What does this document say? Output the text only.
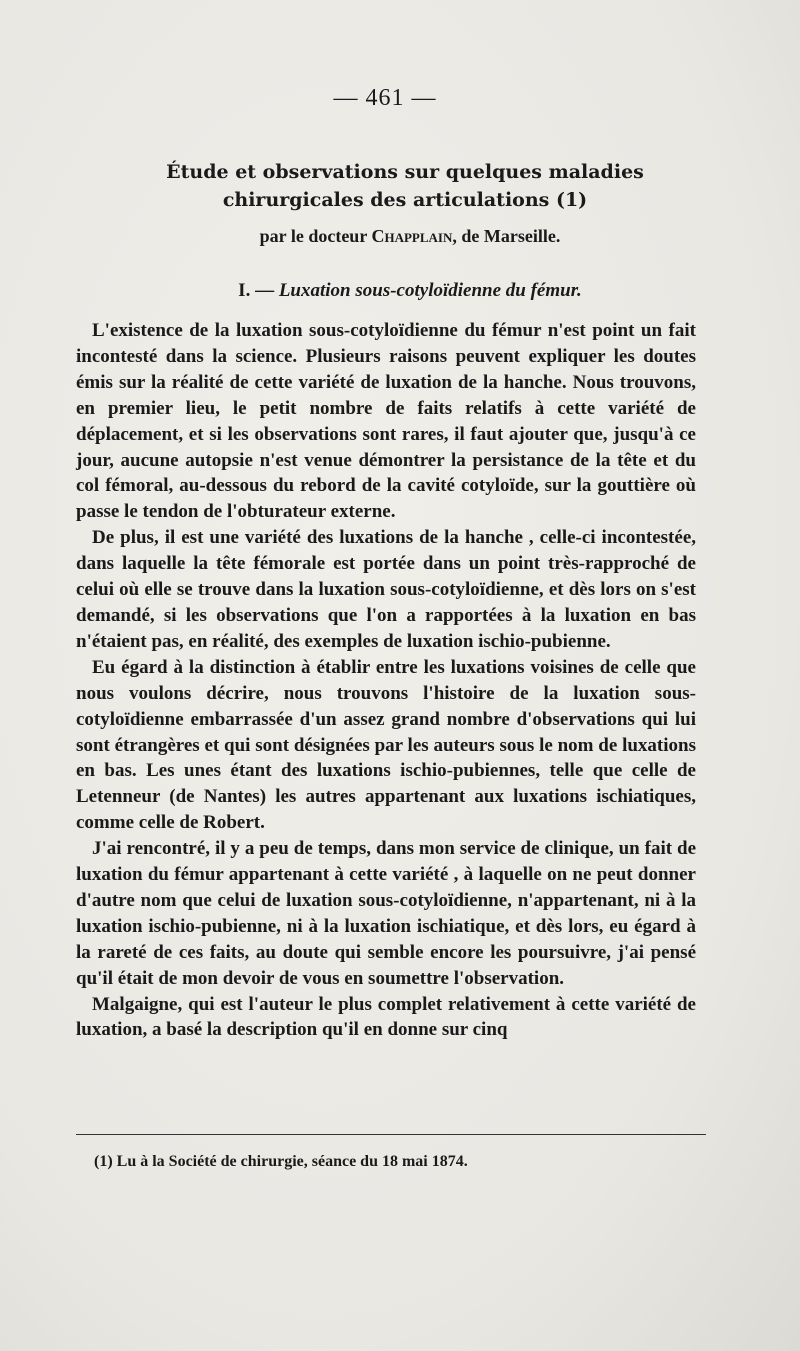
— 461 —
Étude et observations sur quelques maladies
chirurgicales des articulations (1)
par le docteur Chapplain, de Marseille.
I. — Luxation sous-cotyloïdienne du fémur.

L'existence de la luxation sous-cotyloïdienne du fémur n'est point un fait incontesté dans la science. Plusieurs raisons peuvent expliquer les doutes émis sur la réalité de cette variété de luxation de la hanche. Nous trouvons, en premier lieu, le petit nombre de faits relatifs à cette variété de déplacement, et si les observations sont rares, il faut ajouter que, jusqu'à ce jour, aucune autopsie n'est venue démontrer la persistance de la tête et du col fémoral, au-dessous du rebord de la cavité cotyloïde, sur la gouttière où passe le tendon de l'obturateur externe.

De plus, il est une variété des luxations de la hanche , celle-ci incontestée, dans laquelle la tête fémorale est portée dans un point très-rapproché de celui où elle se trouve dans la luxation sous-cotyloïdienne, et dès lors on s'est demandé, si les observations que l'on a rapportées à la luxation en bas n'étaient pas, en réalité, des exemples de luxation ischio-pubienne.

Eu égard à la distinction à établir entre les luxations voisines de celle que nous voulons décrire, nous trouvons l'histoire de la luxation sous-cotyloïdienne embarrassée d'un assez grand nombre d'observations qui lui sont étrangères et qui sont désignées par les auteurs sous le nom de luxations en bas. Les unes étant des luxations ischio-pubiennes, telle que celle de Letenneur (de Nantes) les autres appartenant aux luxations ischiatiques, comme celle de Robert.

J'ai rencontré, il y a peu de temps, dans mon service de clinique, un fait de luxation du fémur appartenant à cette variété , à laquelle on ne peut donner d'autre nom que celui de luxation sous-cotyloïdienne, n'appartenant, ni à la luxation ischio-pubienne, ni à la luxation ischiatique, et dès lors, eu égard à la rareté de ces faits, au doute qui semble encore les poursuivre, j'ai pensé qu'il était de mon devoir de vous en soumettre l'observation.

Malgaigne, qui est l'auteur le plus complet relativement à cette variété de luxation, a basé la description qu'il en donne sur cinq

(1) Lu à la Société de chirurgie, séance du 18 mai 1874.
